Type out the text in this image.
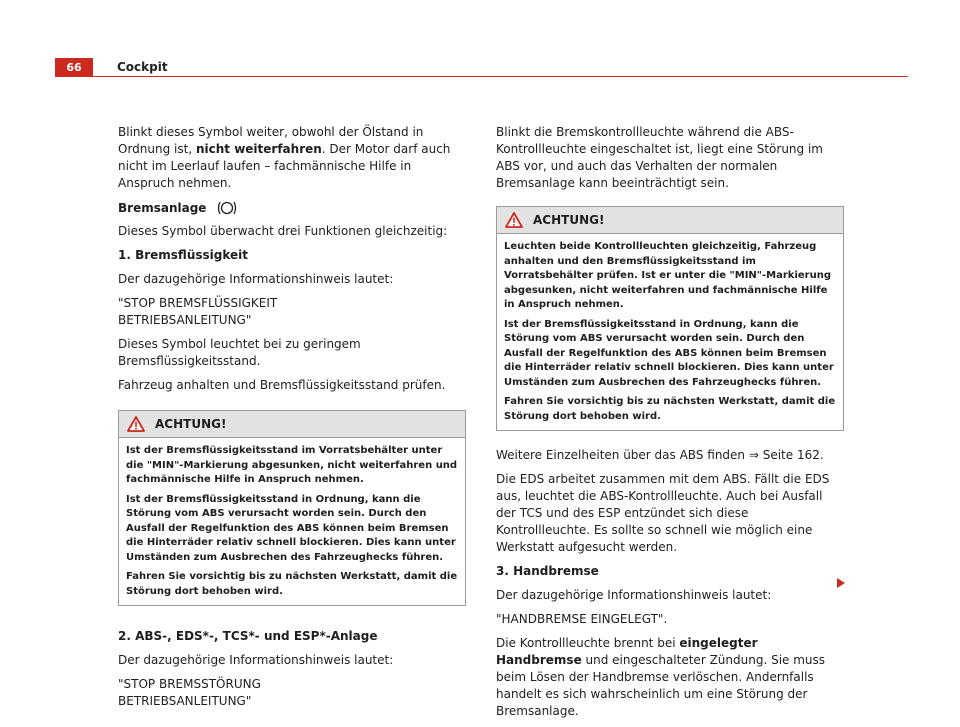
66	Cockpit

Blinkt dieses Symbol weiter, obwohl der Ölstand in Ordnung ist, nicht weiterfahren. Der Motor darf auch nicht im Leerlauf laufen – fachmännische Hilfe in Anspruch nehmen.

Bremsanlage

Dieses Symbol überwacht drei Funktionen gleichzeitig:

1. Bremsflüssigkeit

Der dazugehörige Informationshinweis lautet:

"STOP BREMSFLÜSSIGKEIT
BETRIEBSANLEITUNG"

Dieses Symbol leuchtet bei zu geringem Bremsflüssigkeitsstand.

Fahrzeug anhalten und Bremsflüssigkeitsstand prüfen.

ACHTUNG!

Ist der Bremsflüssigkeitsstand im Vorratsbehälter unter die "MIN"-Markierung abgesunken, nicht weiterfahren und fachmännische Hilfe in Anspruch nehmen.

Ist der Bremsflüssigkeitsstand in Ordnung, kann die Störung vom ABS verursacht worden sein. Durch den Ausfall der Regelfunktion des ABS können beim Bremsen die Hinterräder relativ schnell blockieren. Dies kann unter Umständen zum Ausbrechen des Fahrzeughecks führen.

Fahren Sie vorsichtig bis zu nächsten Werkstatt, damit die Störung dort behoben wird.

2. ABS-, EDS*-, TCS*- und ESP*-Anlage

Der dazugehörige Informationshinweis lautet:

"STOP BREMSSTÖRUNG
BETRIEBSANLEITUNG"

Blinkt die Bremskontrollleuchte während die ABS-Kontrollleuchte eingeschaltet ist, liegt eine Störung im ABS vor, und auch das Verhalten der normalen Bremsanlage kann beeinträchtigt sein.

ACHTUNG!

Leuchten beide Kontrollleuchten gleichzeitig, Fahrzeug anhalten und den Bremsflüssigkeitsstand im Vorratsbehälter prüfen. Ist er unter die "MIN"-Markierung abgesunken, nicht weiterfahren und fachmännische Hilfe in Anspruch nehmen.

Ist der Bremsflüssigkeitsstand in Ordnung, kann die Störung vom ABS verursacht worden sein. Durch den Ausfall der Regelfunktion des ABS können beim Bremsen die Hinterräder relativ schnell blockieren. Dies kann unter Umständen zum Ausbrechen des Fahrzeughecks führen.

Fahren Sie vorsichtig bis zu nächsten Werkstatt, damit die Störung dort behoben wird.

Weitere Einzelheiten über das ABS finden ⇒ Seite 162.

Die EDS arbeitet zusammen mit dem ABS. Fällt die EDS aus, leuchtet die ABS-Kontrollleuchte. Auch bei Ausfall der TCS und des ESP entzündet sich diese Kontrollleuchte. Es sollte so schnell wie möglich eine Werkstatt aufgesucht werden.

3. Handbremse

Der dazugehörige Informationshinweis lautet:

"HANDBREMSE EINGELEGT".

Die Kontrollleuchte brennt bei eingelegter Handbremse und eingeschalteter Zündung. Sie muss beim Lösen der Handbremse verlöschen. Andernfalls handelt es sich wahrscheinlich um eine Störung der Bremsanlage.
